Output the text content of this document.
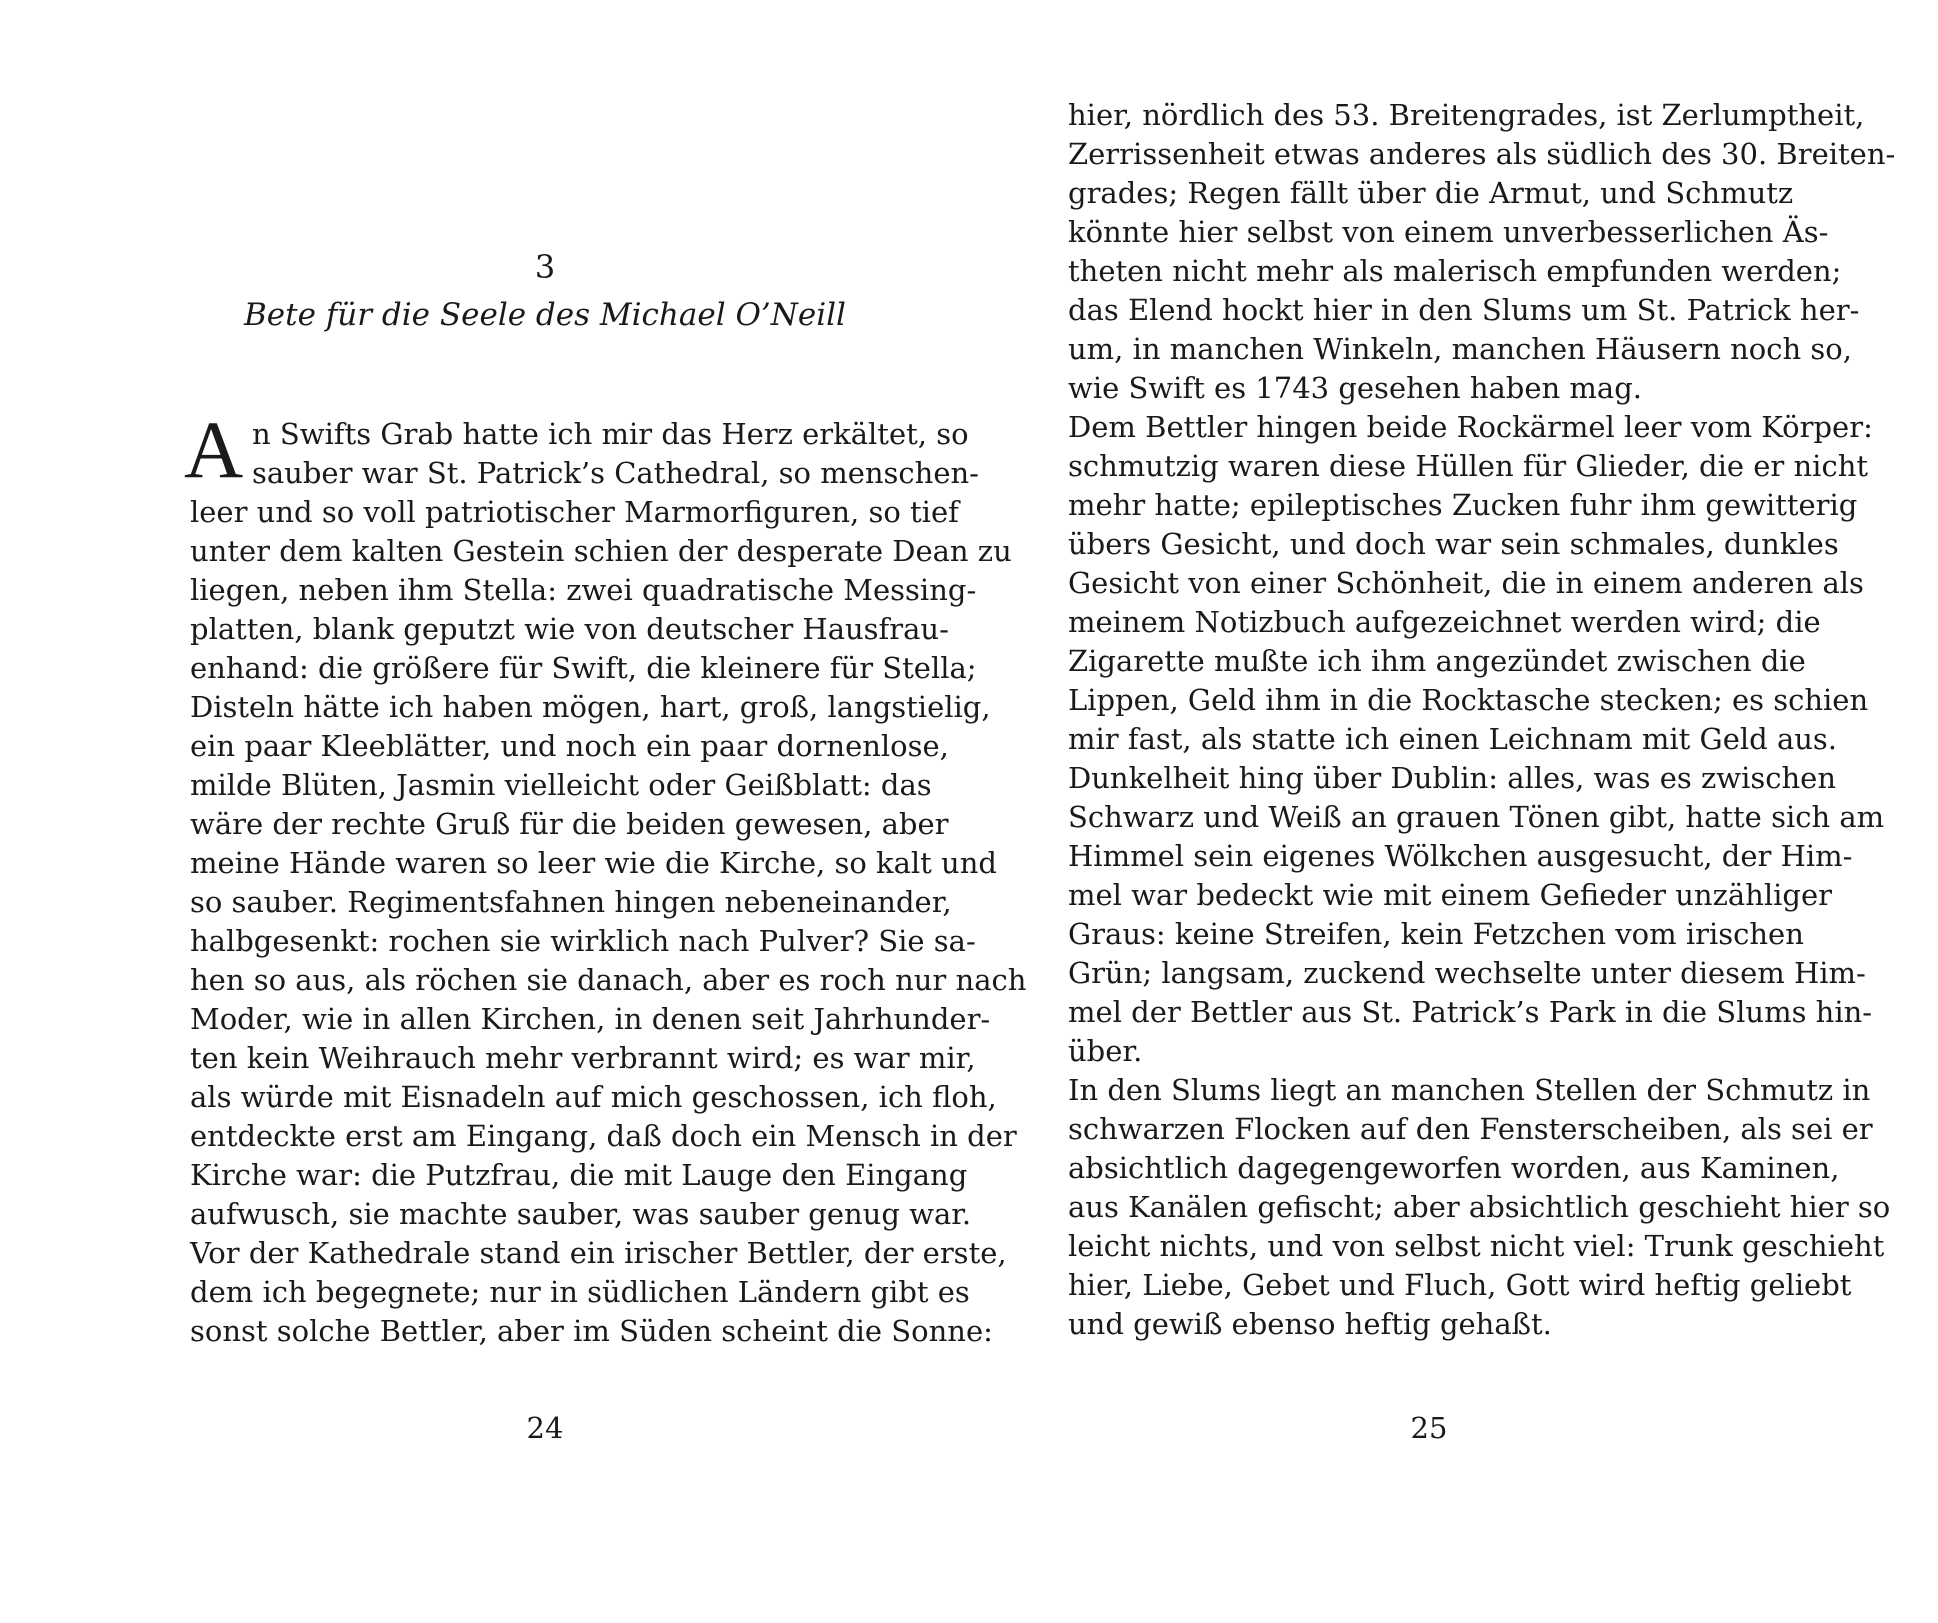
3
Bete für die Seele des Michael O’Neill
A n Swifts Grab hatte ich mir das Herz erkältet, so
sauber war St. Patrick’s Cathedral, so menschen-
leer und so voll patriotischer Marmorfiguren, so tief
unter dem kalten Gestein schien der desperate Dean zu
liegen, neben ihm Stella: zwei quadratische Messing-
platten, blank geputzt wie von deutscher Hausfrau-
enhand: die größere für Swift, die kleinere für Stella;
Disteln hätte ich haben mögen, hart, groß, langstielig,
ein paar Kleeblätter, und noch ein paar dornenlose,
milde Blüten, Jasmin vielleicht oder Geißblatt: das
wäre der rechte Gruß für die beiden gewesen, aber
meine Hände waren so leer wie die Kirche, so kalt und
so sauber. Regimentsfahnen hingen nebeneinander,
halbgesenkt: rochen sie wirklich nach Pulver? Sie sa-
hen so aus, als röchen sie danach, aber es roch nur nach
Moder, wie in allen Kirchen, in denen seit Jahrhunder-
ten kein Weihrauch mehr verbrannt wird; es war mir,
als würde mit Eisnadeln auf mich geschossen, ich floh,
entdeckte erst am Eingang, daß doch ein Mensch in der
Kirche war: die Putzfrau, die mit Lauge den Eingang
aufwusch, sie machte sauber, was sauber genug war.
Vor der Kathedrale stand ein irischer Bettler, der erste,
dem ich begegnete; nur in südlichen Ländern gibt es
sonst solche Bettler, aber im Süden scheint die Sonne:
24
hier, nördlich des 53. Breitengrades, ist Zerlumptheit,
Zerrissenheit etwas anderes als südlich des 30. Breiten-
grades; Regen fällt über die Armut, und Schmutz
könnte hier selbst von einem unverbesserlichen Äs-
theten nicht mehr als malerisch empfunden werden;
das Elend hockt hier in den Slums um St. Patrick her-
um, in manchen Winkeln, manchen Häusern noch so,
wie Swift es 1743 gesehen haben mag.
Dem Bettler hingen beide Rockärmel leer vom Körper:
schmutzig waren diese Hüllen für Glieder, die er nicht
mehr hatte; epileptisches Zucken fuhr ihm gewitterig
übers Gesicht, und doch war sein schmales, dunkles
Gesicht von einer Schönheit, die in einem anderen als
meinem Notizbuch aufgezeichnet werden wird; die
Zigarette mußte ich ihm angezündet zwischen die
Lippen, Geld ihm in die Rocktasche stecken; es schien
mir fast, als statte ich einen Leichnam mit Geld aus.
Dunkelheit hing über Dublin: alles, was es zwischen
Schwarz und Weiß an grauen Tönen gibt, hatte sich am
Himmel sein eigenes Wölkchen ausgesucht, der Him-
mel war bedeckt wie mit einem Gefieder unzähliger
Graus: keine Streifen, kein Fetzchen vom irischen
Grün; langsam, zuckend wechselte unter diesem Him-
mel der Bettler aus St. Patrick’s Park in die Slums hin-
über.
In den Slums liegt an manchen Stellen der Schmutz in
schwarzen Flocken auf den Fensterscheiben, als sei er
absichtlich dagegengeworfen worden, aus Kaminen,
aus Kanälen gefischt; aber absichtlich geschieht hier so
leicht nichts, und von selbst nicht viel: Trunk geschieht
hier, Liebe, Gebet und Fluch, Gott wird heftig geliebt
und gewiß ebenso heftig gehaßt.
25
